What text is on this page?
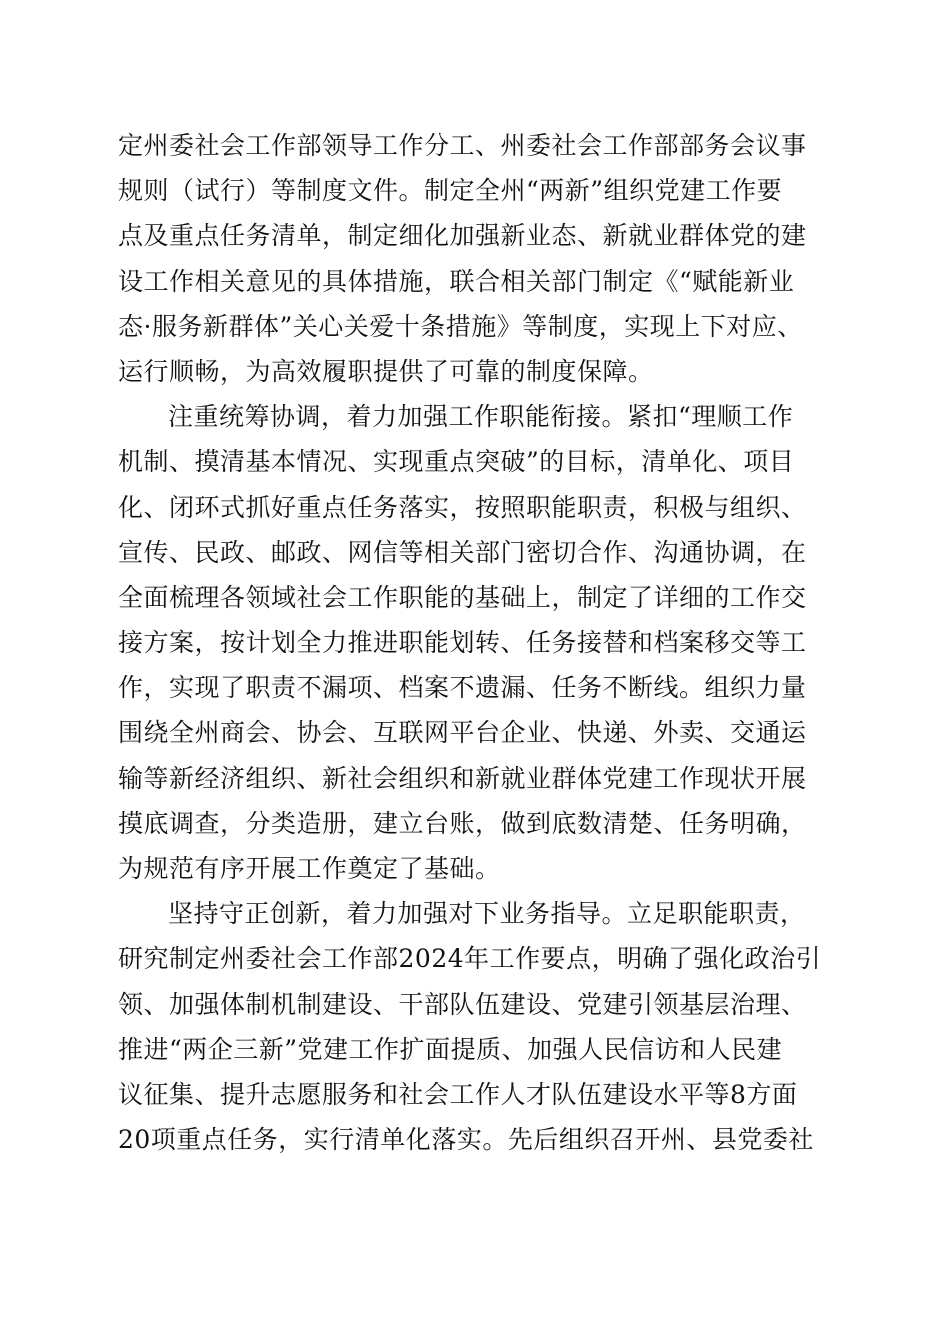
定州委社会工作部领导工作分工、州委社会工作部部务会议事
规则（试行）等制度文件。制定全州“两新”组织党建工作要
点及重点任务清单，制定细化加强新业态、新就业群体党的建
设工作相关意见的具体措施，联合相关部门制定《“赋能新业
态·服务新群体”关心关爱十条措施》等制度，实现上下对应、
运行顺畅，为高效履职提供了可靠的制度保障。
注重统筹协调，着力加强工作职能衔接。紧扣“理顺工作
机制、摸清基本情况、实现重点突破”的目标，清单化、项目
化、闭环式抓好重点任务落实，按照职能职责，积极与组织、
宣传、民政、邮政、网信等相关部门密切合作、沟通协调，在
全面梳理各领域社会工作职能的基础上，制定了详细的工作交
接方案，按计划全力推进职能划转、任务接替和档案移交等工
作，实现了职责不漏项、档案不遗漏、任务不断线。组织力量
围绕全州商会、协会、互联网平台企业、快递、外卖、交通运
输等新经济组织、新社会组织和新就业群体党建工作现状开展
摸底调查，分类造册，建立台账，做到底数清楚、任务明确，
为规范有序开展工作奠定了基础。
坚持守正创新，着力加强对下业务指导。立足职能职责，
研究制定州委社会工作部2024年工作要点，明确了强化政治引
领、加强体制机制建设、干部队伍建设、党建引领基层治理、
推进“两企三新”党建工作扩面提质、加强人民信访和人民建
议征集、提升志愿服务和社会工作人才队伍建设水平等8方面
20项重点任务，实行清单化落实。先后组织召开州、县党委社
